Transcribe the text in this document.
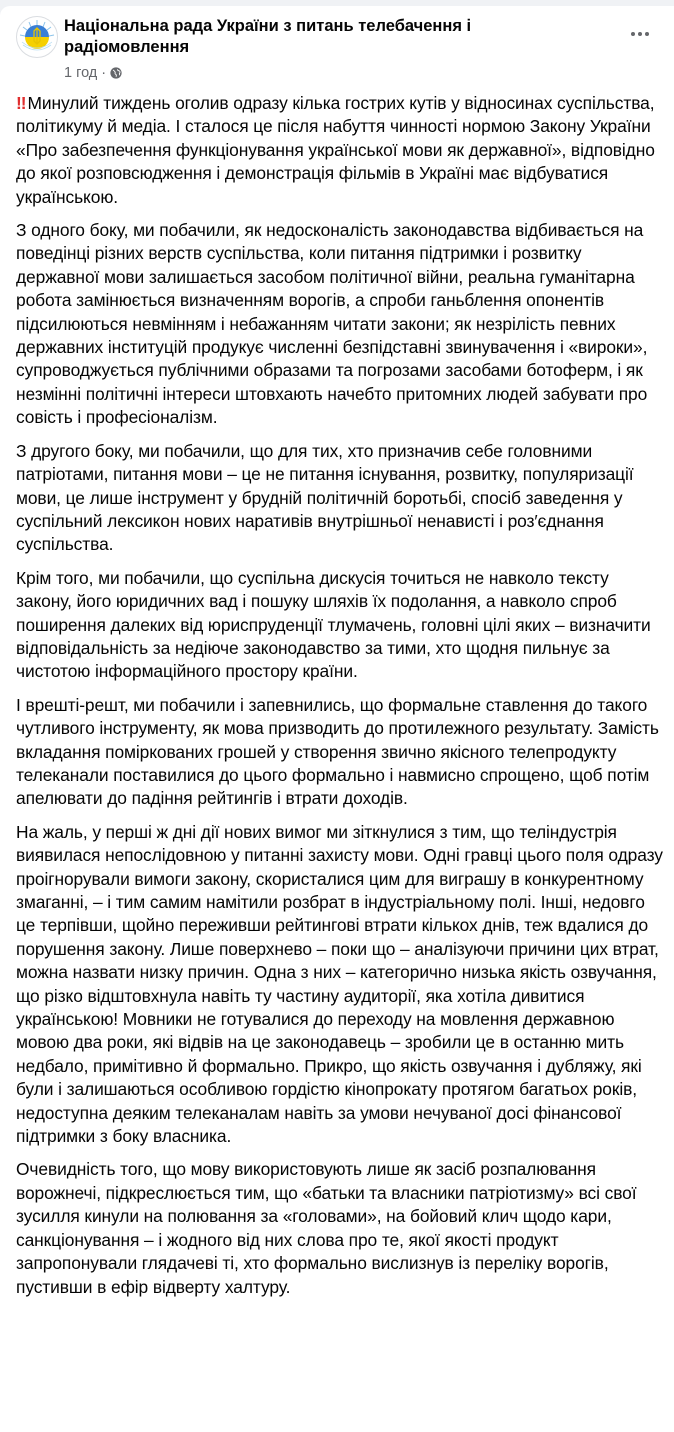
Національна рада України з питань телебачення і радіомовлення
1 год ·

‼ Минулий тиждень оголив одразу кілька гострих кутів у відносинах суспільства, політикуму й медіа. І сталося це після набуття чинності нормою Закону України «Про забезпечення функціонування української мови як державної», відповідно до якої розповсюдження і демонстрація фільмів в Україні має відбуватися українською.

З одного боку, ми побачили, як недосконалість законодавства відбивається на поведінці різних верств суспільства, коли питання підтримки і розвитку державної мови залишається засобом політичної війни, реальна гуманітарна робота замінюється визначенням ворогів, а спроби ганьблення опонентів підсилюються невмінням і небажанням читати закони; як незрілість певних державних інституцій продукує численні безпідставні звинувачення і «вироки», супроводжується публічними образами та погрозами засобами ботоферм, і як незмінні політичні інтереси штовхають начебто притомних людей забувати про совість і професіоналізм.

З другого боку, ми побачили, що для тих, хто призначив себе головними патріотами, питання мови – це не питання існування, розвитку, популяризації мови, це лише інструмент у брудній політичній боротьбі, спосіб заведення у суспільний лексикон нових наративів внутрішньої ненависті і роз′єднання суспільства.

Крім того, ми побачили, що суспільна дискусія точиться не навколо тексту закону, його юридичних вад і пошуку шляхів їх подолання, а навколо спроб поширення далеких від юриспруденції тлумачень, головні цілі яких – визначити відповідальність за недіюче законодавство за тими, хто щодня пильнує за чистотою інформаційного простору країни.

І врешті-решт, ми побачили і запевнились, що формальне ставлення до такого чутливого інструменту, як мова призводить до протилежного результату. Замість вкладання поміркованих грошей у створення звично якісного телепродукту телеканали поставилися до цього формально і навмисно спрощено, щоб потім апелювати до падіння рейтингів і втрати доходів.

На жаль, у перші ж дні дії нових вимог ми зіткнулися з тим, що теліндустрія виявилася непослідовною у питанні захисту мови. Одні гравці цього поля одразу проігнорували вимоги закону, скористалися цим для виграшу в конкурентному змаганні, – і тим самим намітили розбрат в індустріальному полі. Інші, недовго це терпівши, щойно переживши рейтингові втрати кількох днів, теж вдалися до порушення закону. Лише поверхнево – поки що – аналізуючи причини цих втрат, можна назвати низку причин. Одна з них – категорично низька якість озвучання, що різко відштовхнула навіть ту частину аудиторії, яка хотіла дивитися українською! Мовники не готувалися до переходу на мовлення державною мовою два роки, які відвів на це законодавець – зробили це в останню мить недбало, примітивно й формально. Прикро, що якість озвучання і дубляжу, які були і залишаються особливою гордістю кінопрокату протягом багатьох років, недоступна деяким телеканалам навіть за умови нечуваної досі фінансової підтримки з боку власника.

Очевидність того, що мову використовують лише як засіб розпалювання ворожнечі, підкреслюється тим, що «батьки та власники патріотизму» всі свої зусилля кинули на полювання за «головами», на бойовий клич щодо кари, санкціонування – і жодного від них слова про те, якої якості продукт запропонували глядачеві ті, хто формально вислизнув із переліку ворогів, пустивши в ефір відверту халтуру.
